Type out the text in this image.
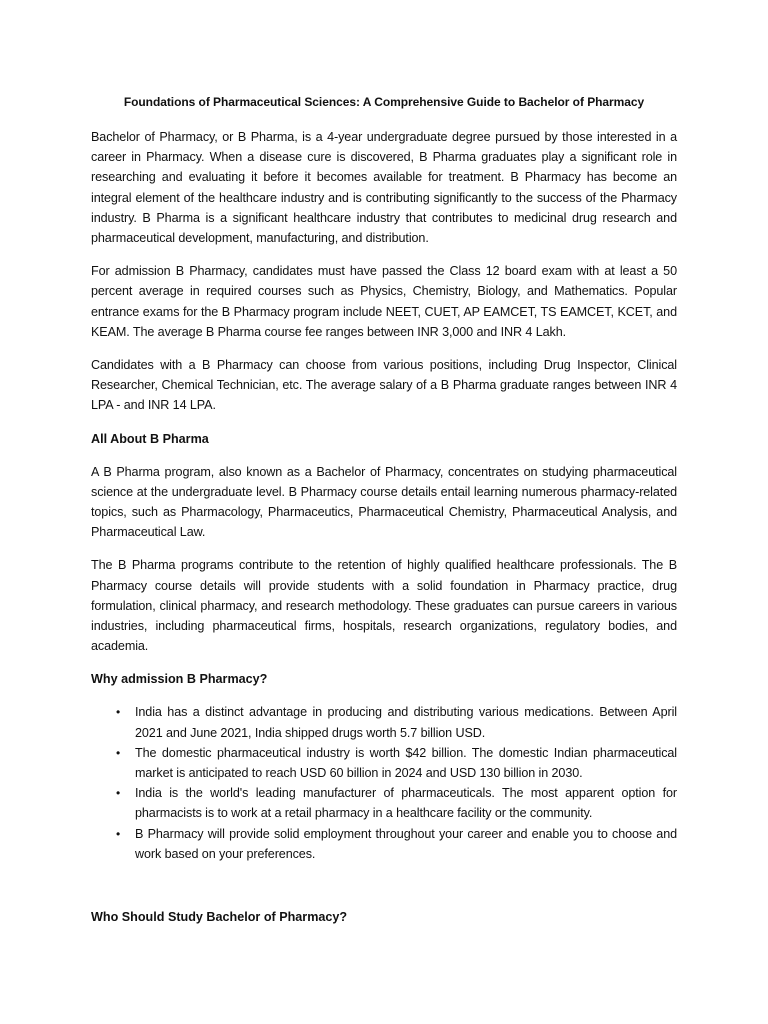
Foundations of Pharmaceutical Sciences: A Comprehensive Guide to Bachelor of Pharmacy

Bachelor of Pharmacy, or B Pharma, is a 4-year undergraduate degree pursued by those interested in a career in Pharmacy. When a disease cure is discovered, B Pharma graduates play a significant role in researching and evaluating it before it becomes available for treatment. B Pharmacy has become an integral element of the healthcare industry and is contributing significantly to the success of the Pharmacy industry. B Pharma is a significant healthcare industry that contributes to medicinal drug research and pharmaceutical development, manufacturing, and distribution.

For admission B Pharmacy, candidates must have passed the Class 12 board exam with at least a 50 percent average in required courses such as Physics, Chemistry, Biology, and Mathematics. Popular entrance exams for the B Pharmacy program include NEET, CUET, AP EAMCET, TS EAMCET, KCET, and KEAM. The average B Pharma course fee ranges between INR 3,000 and INR 4 Lakh.

Candidates with a B Pharmacy can choose from various positions, including Drug Inspector, Clinical Researcher, Chemical Technician, etc. The average salary of a B Pharma graduate ranges between INR 4 LPA - and INR 14 LPA.

All About B Pharma

A B Pharma program, also known as a Bachelor of Pharmacy, concentrates on studying pharmaceutical science at the undergraduate level. B Pharmacy course details entail learning numerous pharmacy-related topics, such as Pharmacology, Pharmaceutics, Pharmaceutical Chemistry, Pharmaceutical Analysis, and Pharmaceutical Law.

The B Pharma programs contribute to the retention of highly qualified healthcare professionals. The B Pharmacy course details will provide students with a solid foundation in Pharmacy practice, drug formulation, clinical pharmacy, and research methodology. These graduates can pursue careers in various industries, including pharmaceutical firms, hospitals, research organizations, regulatory bodies, and academia.

Why admission B Pharmacy?
• India has a distinct advantage in producing and distributing various medications. Between April 2021 and June 2021, India shipped drugs worth 5.7 billion USD.
• The domestic pharmaceutical industry is worth $42 billion. The domestic Indian pharmaceutical market is anticipated to reach USD 60 billion in 2024 and USD 130 billion in 2030.
• India is the world's leading manufacturer of pharmaceuticals. The most apparent option for pharmacists is to work at a retail pharmacy in a healthcare facility or the community.
• B Pharmacy will provide solid employment throughout your career and enable you to choose and work based on your preferences.
Who Should Study Bachelor of Pharmacy?
